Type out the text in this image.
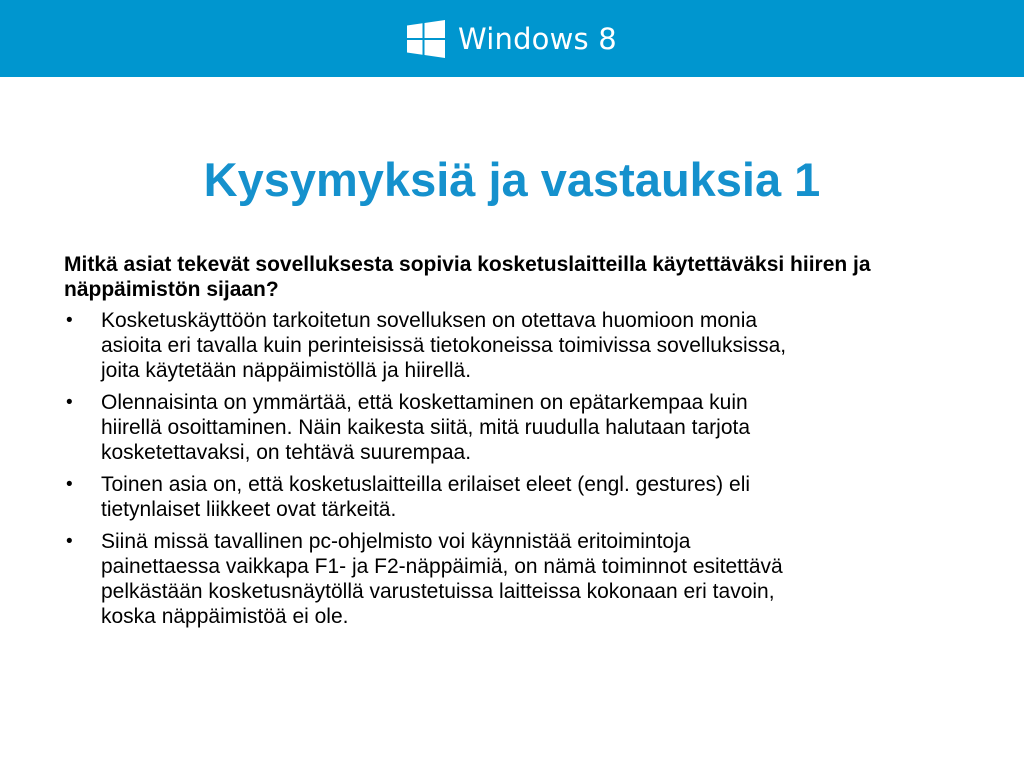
Windows 8
Kysymyksiä ja vastauksia 1

Mitkä asiat tekevät sovelluksesta sopivia kosketuslaitteilla käytettäväksi hiiren ja näppäimistön sijaan?

• Kosketuskäyttöön tarkoitetun sovelluksen on otettava huomioon monia
asioita eri tavalla kuin perinteisissä tietokoneissa toimivissa sovelluksissa,
joita käytetään näppäimistöllä ja hiirellä.
• Olennaisinta on ymmärtää, että koskettaminen on epätarkempaa kuin
hiirellä osoittaminen. Näin kaikesta siitä, mitä ruudulla halutaan tarjota
kosketettavaksi, on tehtävä suurempaa.
• Toinen asia on, että kosketuslaitteilla erilaiset eleet (engl. gestures) eli
tietynlaiset liikkeet ovat tärkeitä.
• Siinä missä tavallinen pc-ohjelmisto voi käynnistää eritoimintoja
painettaessa vaikkapa F1- ja F2-näppäimiä, on nämä toiminnot esitettävä
pelkästään kosketusnäytöllä varustetuissa laitteissa kokonaan eri tavoin,
koska näppäimistöä ei ole.
